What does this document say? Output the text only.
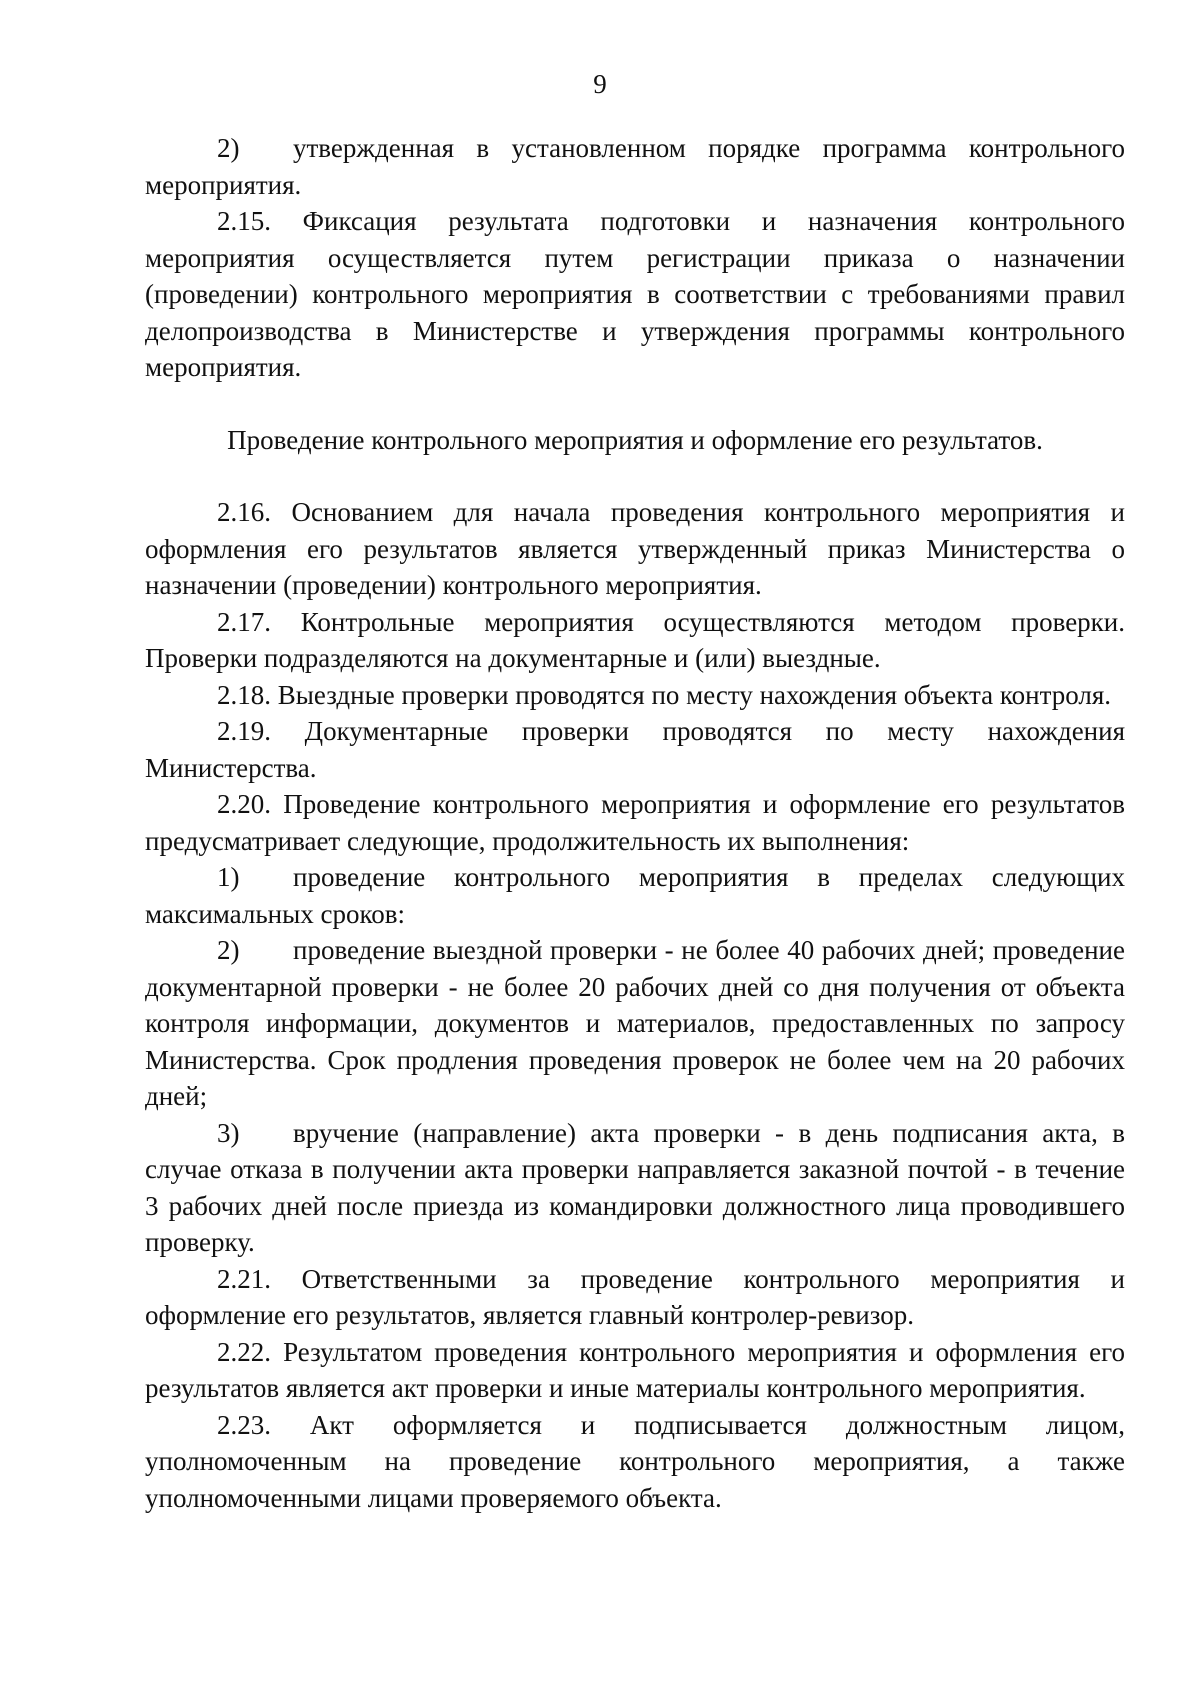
9

2) утвержденная в установленном порядке программа контрольного мероприятия.

2.15. Фиксация результата подготовки и назначения контрольного мероприятия осуществляется путем регистрации приказа о назначении (проведении) контрольного мероприятия в соответствии с требованиями правил делопроизводства в Министерстве и утверждения программы контрольного мероприятия.

Проведение контрольного мероприятия и оформление его результатов.

2.16. Основанием для начала проведения контрольного мероприятия и оформления его результатов является утвержденный приказ Министерства о назначении (проведении) контрольного мероприятия.

2.17. Контрольные мероприятия осуществляются методом проверки. Проверки подразделяются на документарные и (или) выездные.

2.18. Выездные проверки проводятся по месту нахождения объекта контроля.

2.19. Документарные проверки проводятся по месту нахождения Министерства.

2.20. Проведение контрольного мероприятия и оформление его результатов предусматривает следующие, продолжительность их выполнения:

1) проведение контрольного мероприятия в пределах следующих максимальных сроков:

2) проведение выездной проверки - не более 40 рабочих дней; проведение документарной проверки - не более 20 рабочих дней со дня получения от объекта контроля информации, документов и материалов, предоставленных по запросу Министерства. Срок продления проведения проверок не более чем на 20 рабочих дней;

3) вручение (направление) акта проверки - в день подписания акта, в случае отказа в получении акта проверки направляется заказной почтой - в течение 3 рабочих дней после приезда из командировки должностного лица проводившего проверку.

2.21. Ответственными за проведение контрольного мероприятия и оформление его результатов, является главный контролер-ревизор.

2.22. Результатом проведения контрольного мероприятия и оформления его результатов является акт проверки и иные материалы контрольного мероприятия.

2.23. Акт оформляется и подписывается должностным лицом, уполномоченным на проведение контрольного мероприятия, а также уполномоченными лицами проверяемого объекта.
